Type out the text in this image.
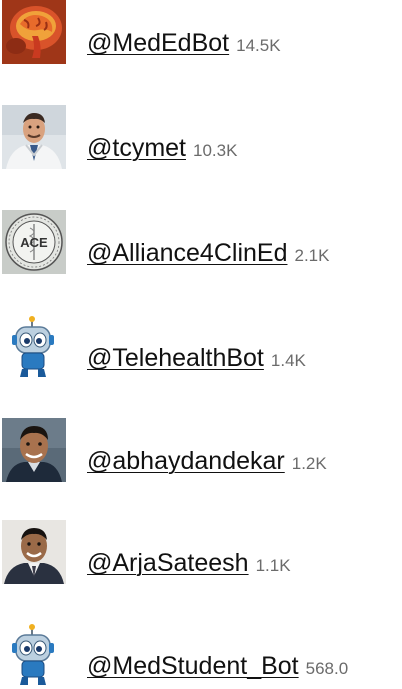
@MedEdBot 14.5K
@tcymet 10.3K
ACE @Alliance4ClinEd 2.1K
@TelehealthBot 1.4K
@abhaydandekar 1.2K
@ArjaSateesh 1.1K
@MedStudent_Bot 568.0
